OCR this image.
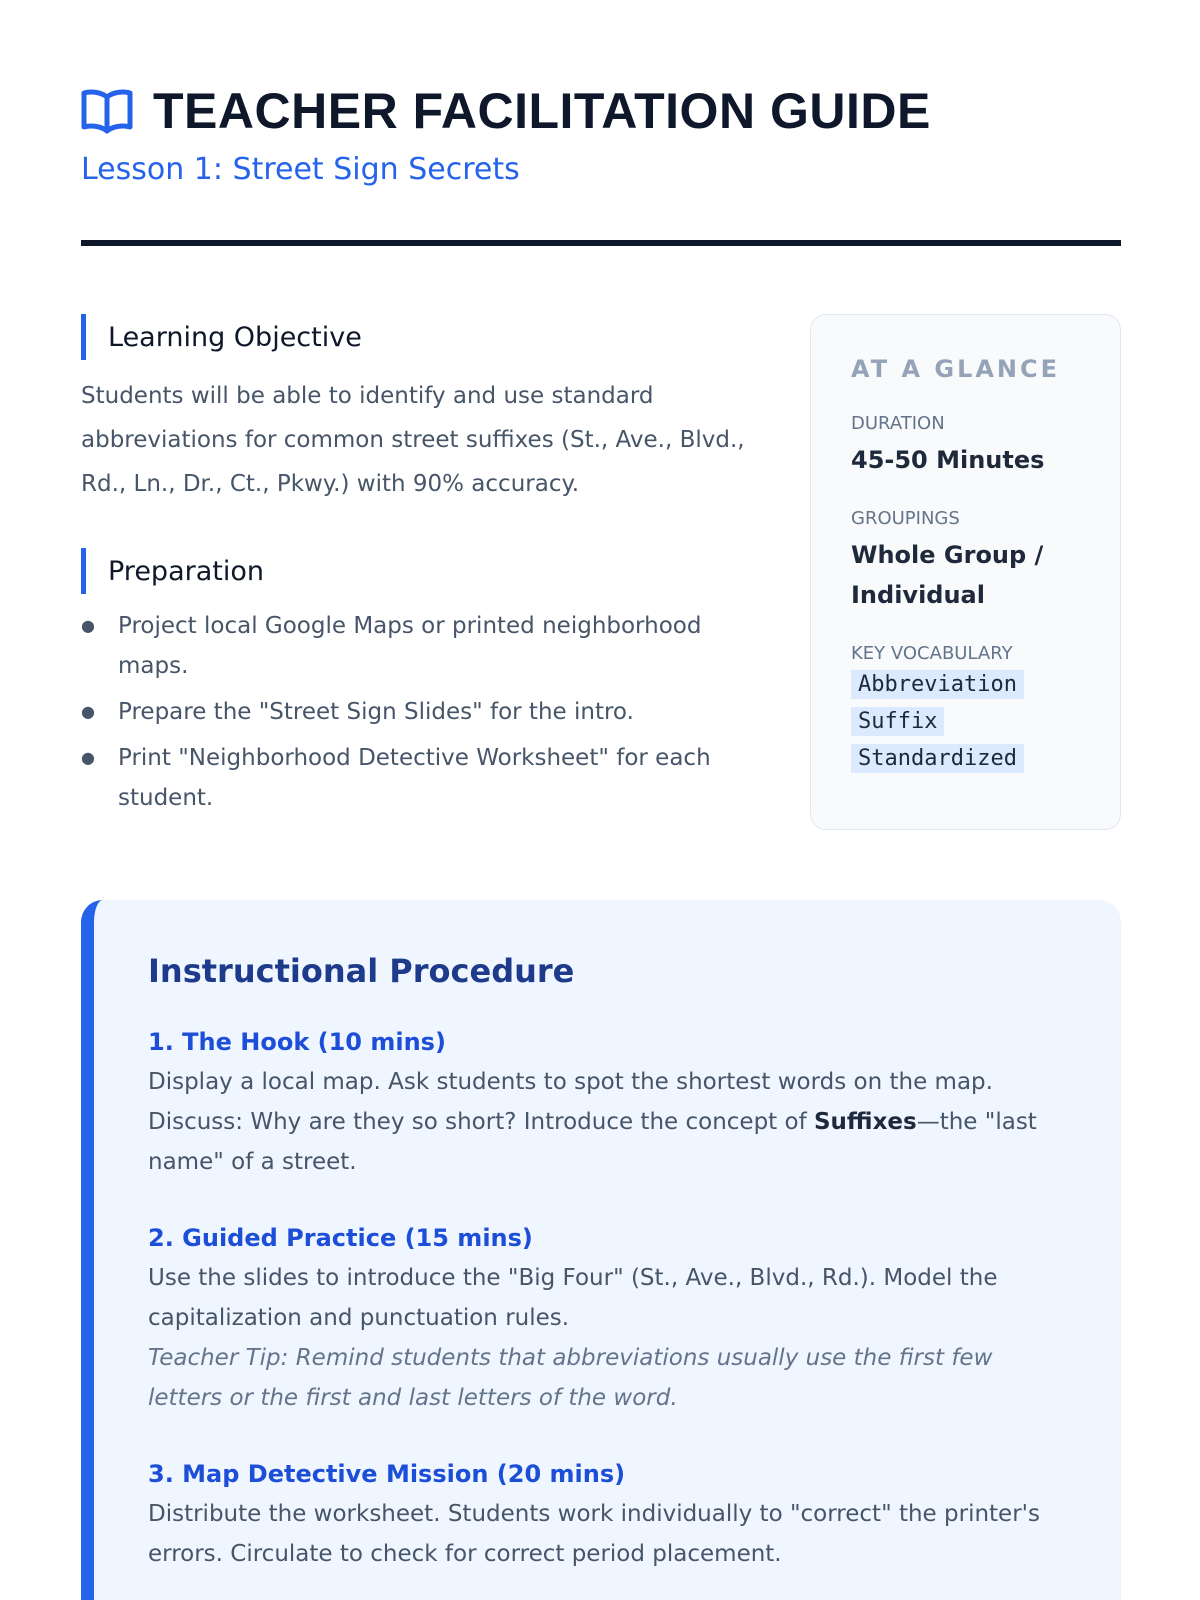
TEACHER FACILITATION GUIDE
Lesson 1: Street Sign Secrets
Learning Objective

Students will be able to identify and use standard abbreviations for common street suffixes (St., Ave., Blvd., Rd., Ln., Dr., Ct., Pkwy.) with 90% accuracy.

Preparation
● Project local Google Maps or printed neighborhood maps.
● Prepare the "Street Sign Slides" for the intro.
● Print "Neighborhood Detective Worksheet" for each student.
AT A GLANCE
DURATION
45-50 Minutes
GROUPINGS
Whole Group / Individual
KEY VOCABULARY
Abbreviation
Suffix
Standardized
Instructional Procedure
1. The Hook (10 mins)

Display a local map. Ask students to spot the shortest words on the map. Discuss: Why are they so short? Introduce the concept of Suffixes—the "last name" of a street.

2. Guided Practice (15 mins)

Use the slides to introduce the "Big Four" (St., Ave., Blvd., Rd.). Model the capitalization and punctuation rules.

Teacher Tip: Remind students that abbreviations usually use the first few letters or the first and last letters of the word.

3. Map Detective Mission (20 mins)

Distribute the worksheet. Students work individually to "correct" the printer's errors. Circulate to check for correct period placement.
